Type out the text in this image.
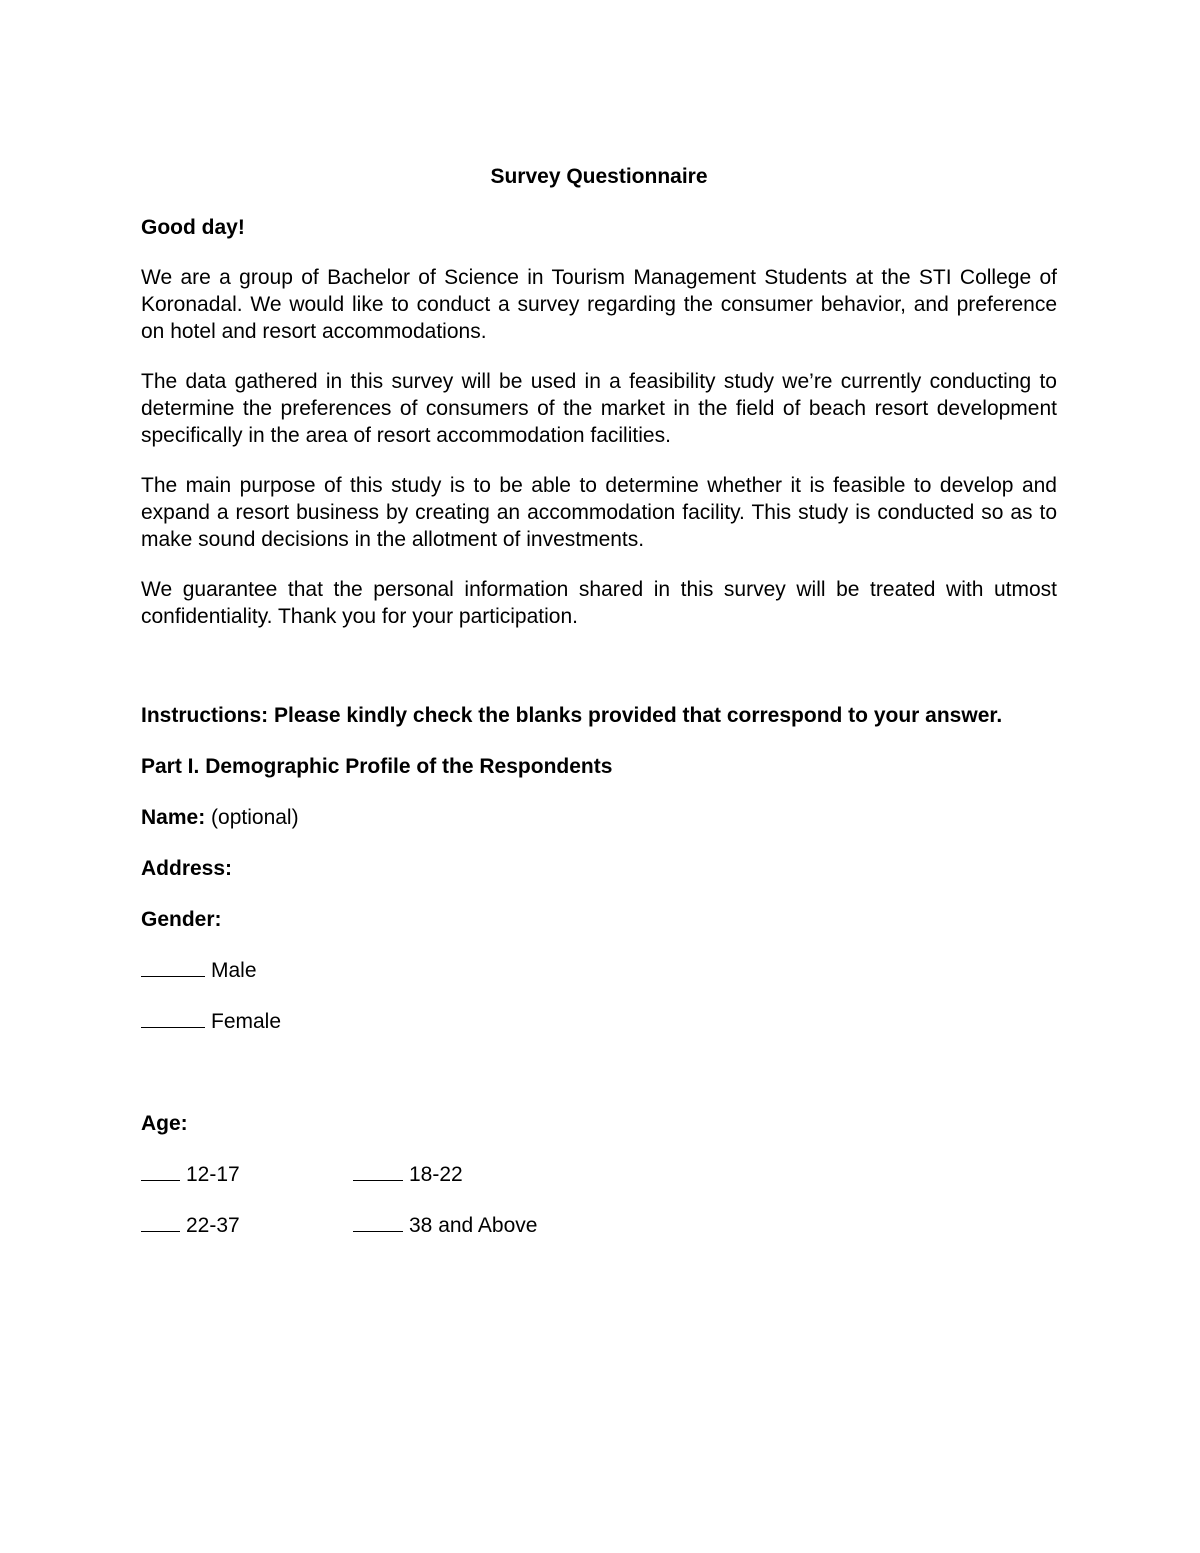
Survey Questionnaire
Good day!
We are a group of Bachelor of Science in Tourism Management Students at the STI College of Koronadal. We would like to conduct a survey regarding the consumer behavior, and preference on hotel and resort accommodations.
The data gathered in this survey will be used in a feasibility study we’re currently conducting to determine the preferences of consumers of the market in the field of beach resort development specifically in the area of resort accommodation facilities.
The main purpose of this study is to be able to determine whether it is feasible to develop and expand a resort business by creating an accommodation facility. This study is conducted so as to make sound decisions in the allotment of investments.
We guarantee that the personal information shared in this survey will be treated with utmost confidentiality. Thank you for your participation.
Instructions: Please kindly check the blanks provided that correspond to your answer.
Part I. Demographic Profile of the Respondents
Name: (optional)
Address:
Gender:
Male
Female
Age:
12-17	18-22
22-37	38 and Above
